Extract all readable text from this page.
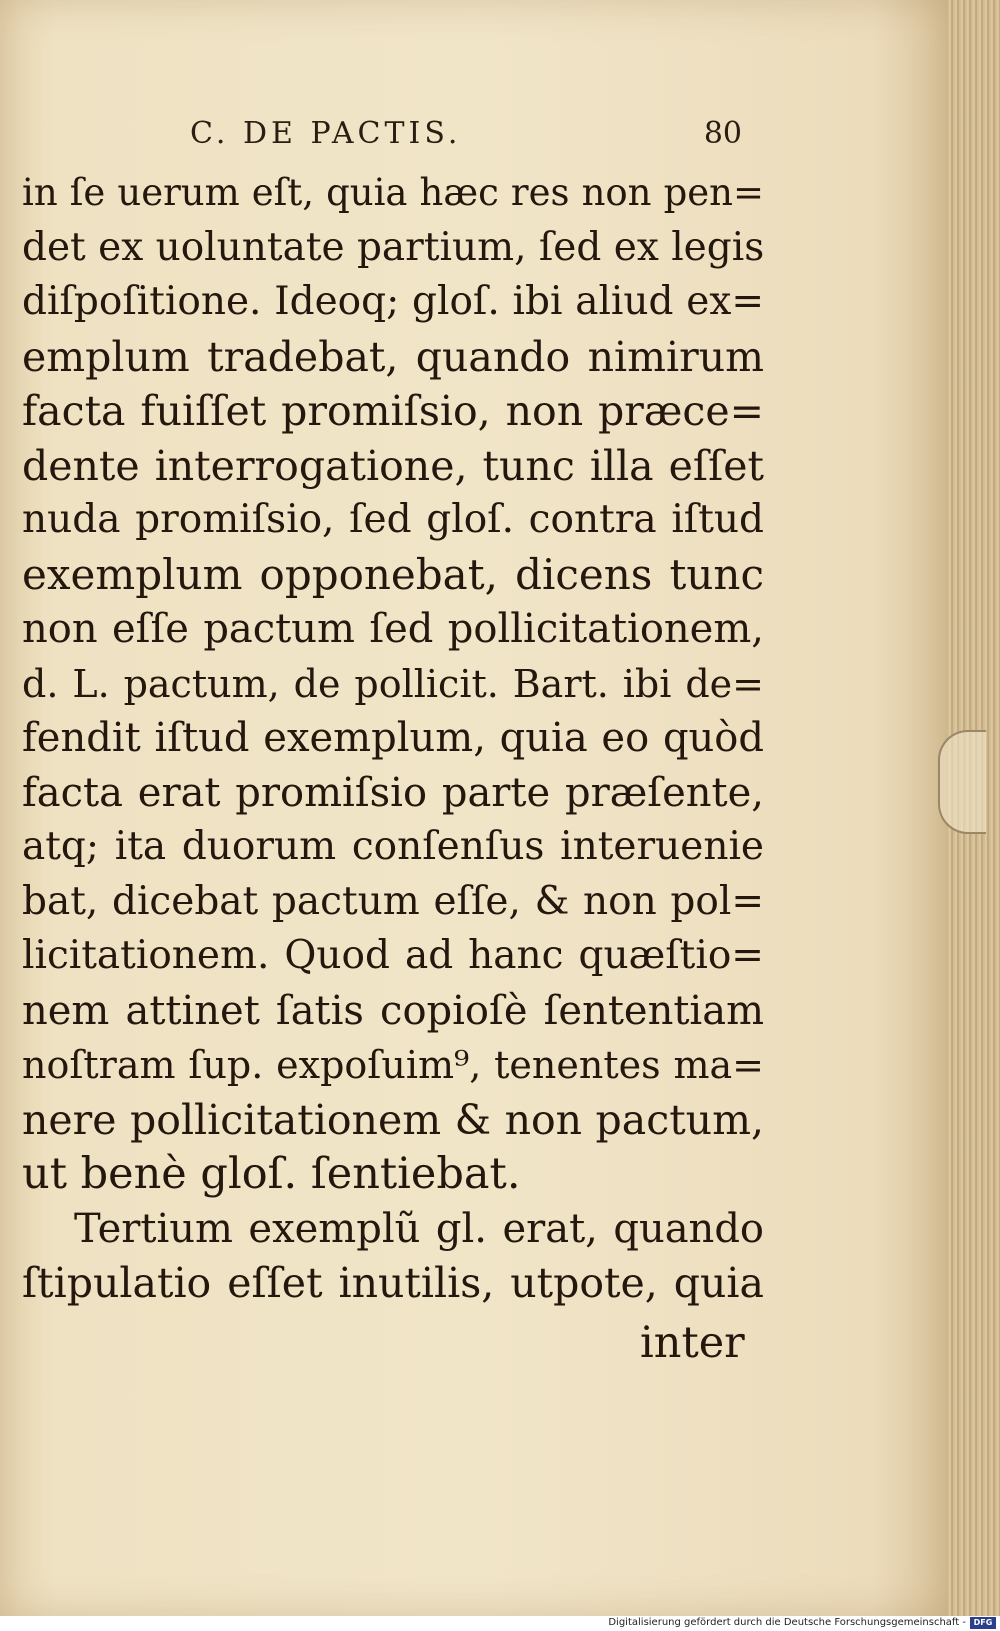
C. DE PACTIS.	80
in ſe uerum eſt, quia hæc res non pen=
det ex uoluntate partium, ſed ex legis
diſpoſitione. Ideoq; gloſ. ibi aliud ex=
emplum tradebat, quando nimirum
facta fuiſſet promiſsio, non præce=
dente interrogatione, tunc illa eſſet
nuda promiſsio, ſed gloſ. contra iſtud
exemplum opponebat, dicens tunc
non eſſe pactum ſed pollicitationem,
d. L. pactum, de pollicit. Bart. ibi de=
fendit iſtud exemplum, quia eo quòd
facta erat promiſsio parte præſente,
atq; ita duorum conſenſus interuenie
bat, dicebat pactum eſſe, & non pol=
licitationem. Quod ad hanc quæſtio=
nem attinet ſatis copioſè ſententiam
noſtram ſup. expoſuim⁹, tenentes ma=
nere pollicitationem & non pactum,
ut benè gloſ. ſentiebat.
Tertium exemplũ gl. erat, quando
ſtipulatio eſſet inutilis, utpote, quia
inter
Digitalisierung gefördert durch die Deutsche Forschungsgemeinschaft - DFG
